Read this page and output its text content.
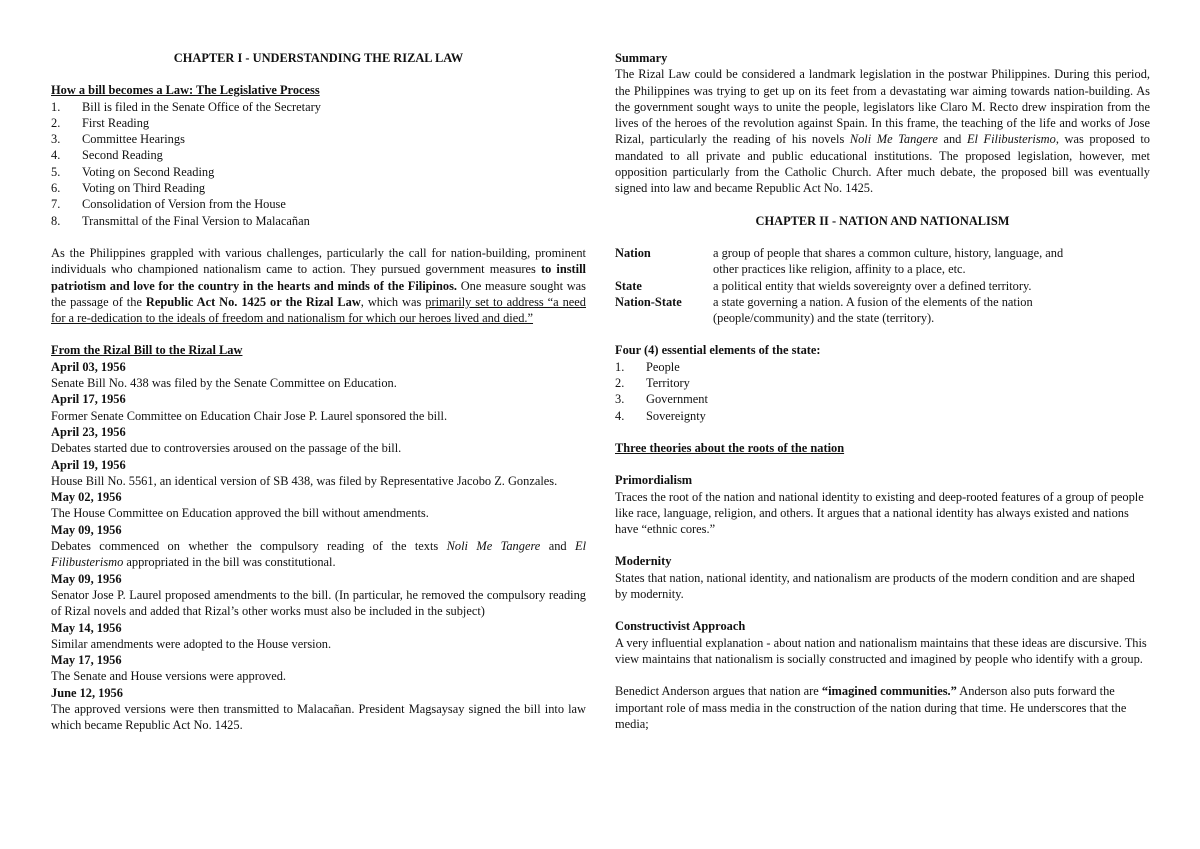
CHAPTER I - UNDERSTANDING THE RIZAL LAW

How a bill becomes a Law: The Legislative Process

1.	Bill is filed in the Senate Office of the Secretary
2.	First Reading
3.	Committee Hearings
4.	Second Reading
5.	Voting on Second Reading
6.	Voting on Third Reading
7.	Consolidation of Version from the House
8.	Transmittal of the Final Version to Malacañan

As the Philippines grappled with various challenges, particularly the call for nation-building, prominent individuals who championed nationalism came to action. They pursued government measures to instill patriotism and love for the country in the hearts and minds of the Filipinos. One measure sought was the passage of the Republic Act No. 1425 or the Rizal Law, which was primarily set to address “a need for a re-dedication to the ideals of freedom and nationalism for which our heroes lived and died.”

From the Rizal Bill to the Rizal Law

April 03, 1956

Senate Bill No. 438 was filed by the Senate Committee on Education.

April 17, 1956

Former Senate Committee on Education Chair Jose P. Laurel sponsored the bill.

April 23, 1956

Debates started due to controversies aroused on the passage of the bill.

April 19, 1956

House Bill No. 5561, an identical version of SB 438, was filed by Representative Jacobo Z. Gonzales.

May 02, 1956

The House Committee on Education approved the bill without amendments.

May 09, 1956

Debates commenced on whether the compulsory reading of the texts Noli Me Tangere and El Filibusterismo appropriated in the bill was constitutional.

May 09, 1956

Senator Jose P. Laurel proposed amendments to the bill. (In particular, he removed the compulsory reading of Rizal novels and added that Rizal’s other works must also be included in the subject)

May 14, 1956

Similar amendments were adopted to the House version.

May 17, 1956

The Senate and House versions were approved.

June 12, 1956

The approved versions were then transmitted to Malacañan. President Magsaysay signed the bill into law which became Republic Act No. 1425.

Summary

The Rizal Law could be considered a landmark legislation in the postwar Philippines. During this period, the Philippines was trying to get up on its feet from a devastating war aiming towards nation-building. As the government sought ways to unite the people, legislators like Claro M. Recto drew inspiration from the lives of the heroes of the revolution against Spain. In this frame, the teaching of the life and works of Jose Rizal, particularly the reading of his novels Noli Me Tangere and El Filibusterismo, was proposed to mandated to all private and public educational institutions. The proposed legislation, however, met opposition particularly from the Catholic Church. After much debate, the proposed bill was eventually signed into law and became Republic Act No. 1425.

CHAPTER II - NATION AND NATIONALISM

Nation	a group of people that shares a common culture, history, language, and
other practices like religion, affinity to a place, etc.
State	a political entity that wields sovereignty over a defined territory.
Nation-State	a state governing a nation. A fusion of the elements of the nation
(people/community) and the state (territory).

Four (4) essential elements of the state:

1.	People
2.	Territory
3.	Government
4.	Sovereignty

Three theories about the roots of the nation

Primordialism

Traces the root of the nation and national identity to existing and deep-rooted features of a group of people like race, language, religion, and others. It argues that a national identity has always existed and nations have “ethnic cores.”

Modernity

States that nation, national identity, and nationalism are products of the modern condition and are shaped by modernity.

Constructivist Approach

A very influential explanation - about nation and nationalism maintains that these ideas are discursive. This view maintains that nationalism is socially constructed and imagined by people who identify with a group.

Benedict Anderson argues that nation are “imagined communities.” Anderson also puts forward the important role of mass media in the construction of the nation during that time. He underscores that the media;
